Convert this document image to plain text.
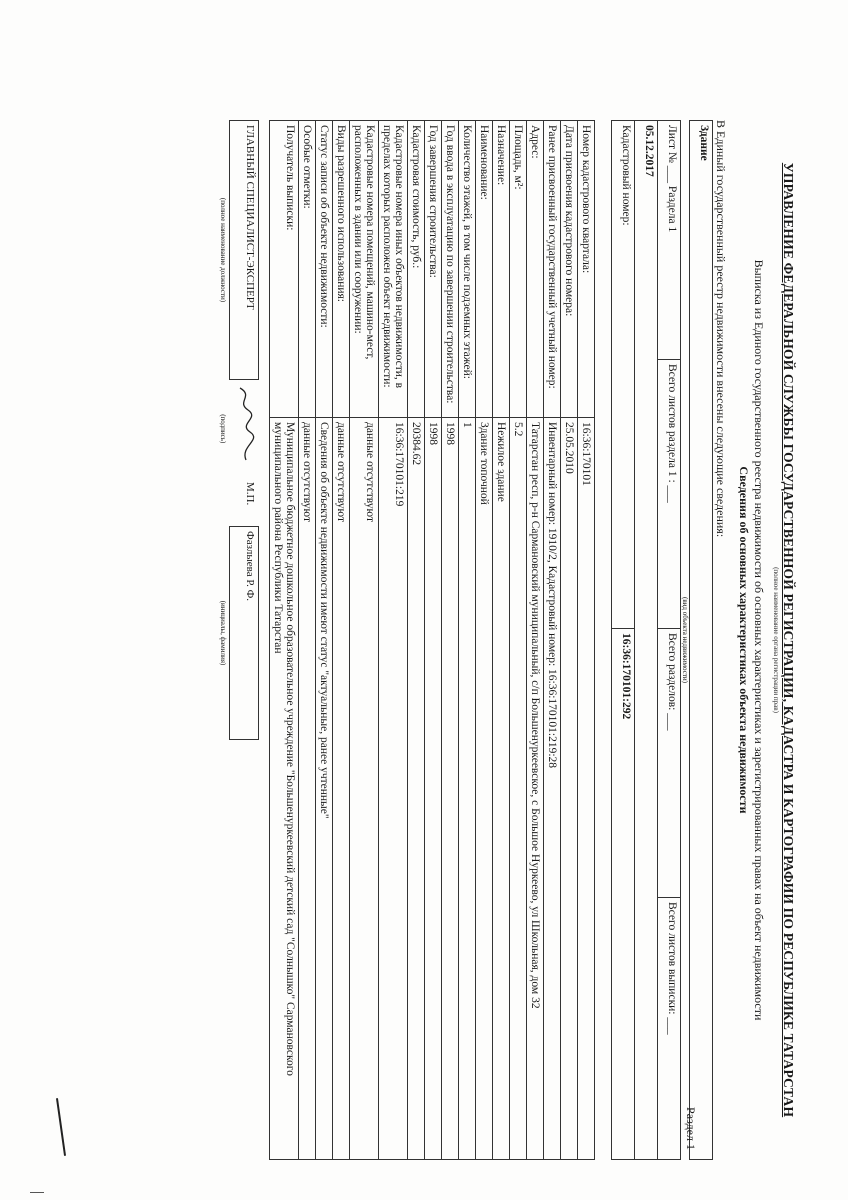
УПРАВЛЕНИЕ ФЕДЕРАЛЬНОЙ СЛУЖБЫ ГОСУДАРСТВЕННОЙ РЕГИСТРАЦИИ, КАДАСТРА И КАРТОГРАФИИ ПО РЕСПУБЛИКЕ ТАТАРСТАН
(полное наименование органа регистрации прав)
Раздел 1
Выписка из Единого государственного реестра недвижимости об основных характеристиках и зарегистрированных правах на объект недвижимости
Сведения об основных характеристиках объекта недвижимости
В Единый государственный реестр недвижимости внесены следующие сведения:
Здание			
(вид объекта недвижимости)			
Лист № ___ Раздела 1	Всего листов раздела 1 : ___	Всего разделов: ___	Всего листов выписки: ___
05.12.2017			
Кадастровый номер:		16:36:170101:292	
Номер кадастрового квартала:	16:36:170101
Дата присвоения кадастрового номера:	25.05.2010
Ранее присвоенный государственный учетный номер:	Инвентарный номер: 1910/2, Кадастровый номер: 16:36:170101:219:28
Адрес:	Татарстан респ, р-н Сармановский муниципальный, с/п Большенуркеевское, с Большое Нуркеево, ул Школьная, дом 32
Площадь, м²:	5.2
Назначение:	Нежилое здание
Наименование:	Здание топочной
Количество этажей, в том числе подземных этажей:	1
Год ввода в эксплуатацию по завершении строительства:	1998
Год завершения строительства:	1998
Кадастровая стоимость, руб.:	20384.62
Кадастровые номера иных объектов недвижимости, в пределах которых расположен объект недвижимости:	16:36:170101:219
Кадастровые номера помещений, машино-мест, расположенных в здании или сооружении:	данные отсутствуют
Виды разрешенного использования:	данные отсутствуют
Статус записи об объекте недвижимости:	Сведения об объекте недвижимости имеют статус "актуальные, ранее учтенные"
Особые отметки:	данные отсутствуют
Получатель выписки:	Муниципальное бюджетное дошкольное образовательное учреждение "Большенуркеевский детский сад "Солнышко" Сармановского муниципального района Республики Татарстан
ГЛАВНЫЙ СПЕЦИАЛИСТ-ЭКСПЕРТ		М.П.	Фазлыева Р. Ф.
(полное наименование должности)	(подпись)		(инициалы, фамилия)
